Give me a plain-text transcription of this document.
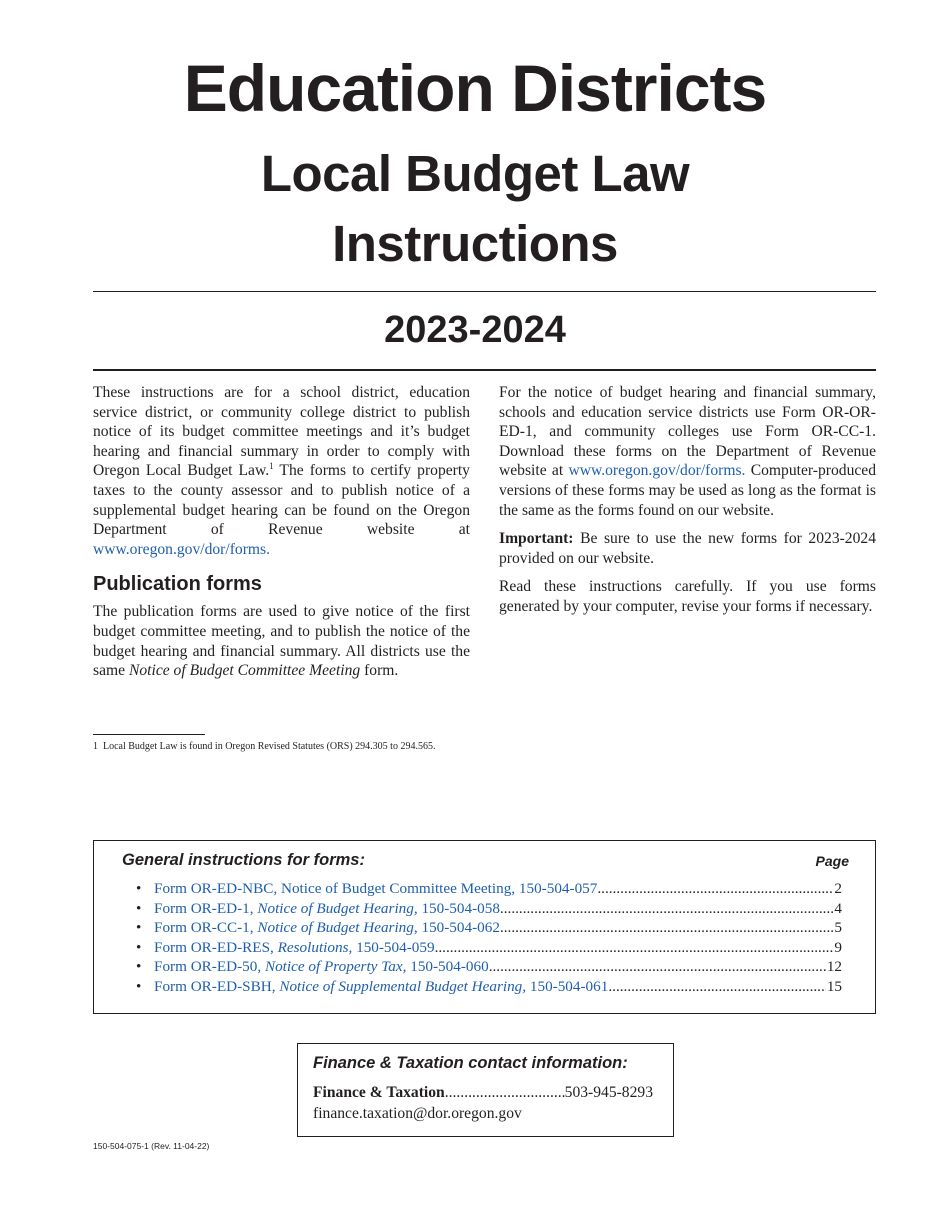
Education Districts
Local Budget Law
Instructions
2023-2024

These instructions are for a school district, education service district, or community college district to publish notice of its budget committee meetings and it’s budget hearing and financial summary in order to comply with Oregon Local Budget Law.$^1$ The forms to certify property taxes to the county assessor and to publish notice of a supplemental budget hearing can be found on the Oregon Department of Revenue website at www.oregon.gov/dor/forms.

Publication forms

The publication forms are used to give notice of the first budget committee meeting, and to publish the notice of the budget hearing and financial summary. All districts use the same Notice of Budget Committee Meeting form.

For the notice of budget hearing and financial summary, schools and education service districts use Form OR-OR-ED-1, and community colleges use Form OR-CC-1. Download these forms on the Department of Revenue website at www.oregon.gov/dor/forms. Computer-produced versions of these forms may be used as long as the format is the same as the forms found on our website.

Important: Be sure to use the new forms for 2023-2024 provided on our website.

Read these instructions carefully. If you use forms generated by your computer, revise your forms if necessary.

1 Local Budget Law is found in Oregon Revised Statutes (ORS) 294.305 to 294.565.
General instructions for forms:	Page
• Form OR-ED-NBC, Notice of Budget Committee Meeting, 150-504-057 .....	2
• Form OR-ED-1, Notice of Budget Hearing, 150-504-058 .....	4
• Form OR-CC-1, Notice of Budget Hearing, 150-504-062 .....	5
• Form OR-ED-RES, Resolutions, 150-504-059 .....	9
• Form OR-ED-50, Notice of Property Tax, 150-504-060 .....	12
• Form OR-ED-SBH, Notice of Supplemental Budget Hearing, 150-504-061 .....	15
Finance & Taxation contact information:
Finance & Taxation .....	503-945-8293
finance.taxation@dor.oregon.gov
150-504-075-1 (Rev. 11-04-22)
